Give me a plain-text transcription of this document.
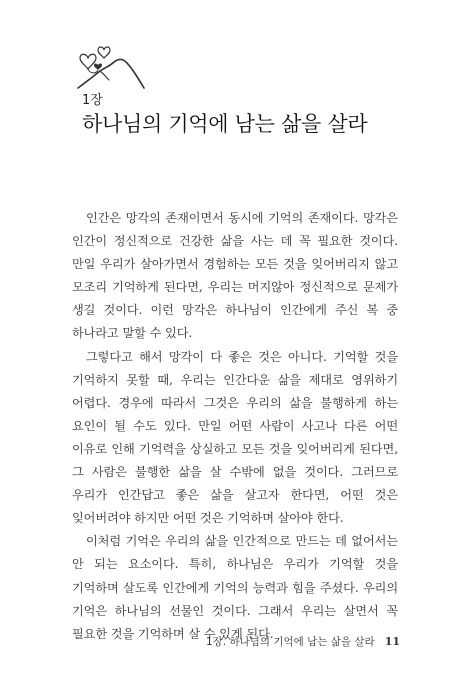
1장

하나님의 기억에 남는 삶을 살라

인간은 망각의 존재이면서 동시에 기억의 존재이다. 망각은 인간이 정신적으로 건강한 삶을 사는 데 꼭 필요한 것이다. 만일 우리가 살아가면서 경험하는 모든 것을 잊어버리지 않고 모조리 기억하게 된다면, 우리는 머지않아 정신적으로 문제가 생길 것이다. 이런 망각은 하나님이 인간에게 주신 복 중 하나라고 말할 수 있다.

그렇다고 해서 망각이 다 좋은 것은 아니다. 기억할 것을 기억하지 못할 때, 우리는 인간다운 삶을 제대로 영위하기 어렵다. 경우에 따라서 그것은 우리의 삶을 불행하게 하는 요인이 될 수도 있다. 만일 어떤 사람이 사고나 다른 어떤 이유로 인해 기억력을 상실하고 모든 것을 잊어버리게 된다면, 그 사람은 불행한 삶을 살 수밖에 없을 것이다. 그러므로 우리가 인간답고 좋은 삶을 살고자 한다면, 어떤 것은 잊어버려야 하지만 어떤 것은 기억하며 살아야 한다.

이처럼 기억은 우리의 삶을 인간적으로 만드는 데 없어서는 안 되는 요소이다. 특히, 하나님은 우리가 기억할 것을 기억하며 살도록 인간에게 기억의 능력과 힘을 주셨다. 우리의 기억은 하나님의 선물인 것이다. 그래서 우리는 살면서 꼭 필요한 것을 기억하며 살 수 있게 된다.

1장. 하나님의 기억에 남는 삶을 살라 11
